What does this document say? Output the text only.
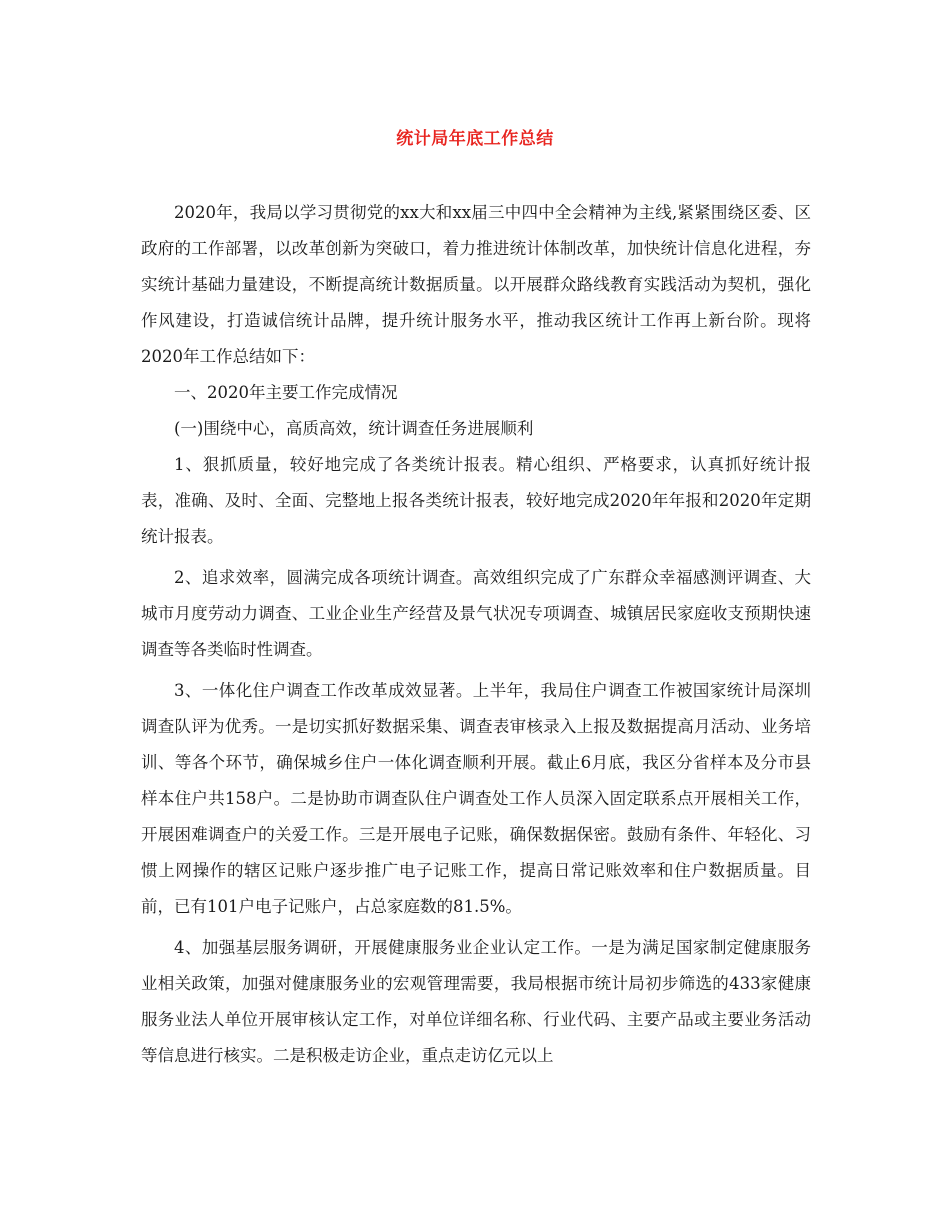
统计局年底工作总结

2020年，我局以学习贯彻党的xx大和xx届三中四中全会精神为主线,紧紧围绕区委、区政府的工作部署，以改革创新为突破口，着力推进统计体制改革，加快统计信息化进程，夯实统计基础力量建设，不断提高统计数据质量。以开展群众路线教育实践活动为契机，强化作风建设，打造诚信统计品牌，提升统计服务水平，推动我区统计工作再上新台阶。现将2020年工作总结如下：

一、2020年主要工作完成情况

(一)围绕中心，高质高效，统计调查任务进展顺利

1、狠抓质量，较好地完成了各类统计报表。精心组织、严格要求，认真抓好统计报表，准确、及时、全面、完整地上报各类统计报表，较好地完成2020年年报和2020年定期统计报表。

2、追求效率，圆满完成各项统计调查。高效组织完成了广东群众幸福感测评调查、大城市月度劳动力调查、工业企业生产经营及景气状况专项调查、城镇居民家庭收支预期快速调查等各类临时性调查。

3、一体化住户调查工作改革成效显著。上半年，我局住户调查工作被国家统计局深圳调查队评为优秀。一是切实抓好数据采集、调查表审核录入上报及数据提高月活动、业务培训、等各个环节，确保城乡住户一体化调查顺利开展。截止6月底，我区分省样本及分市县样本住户共158户。二是协助市调查队住户调查处工作人员深入固定联系点开展相关工作，开展困难调查户的关爱工作。三是开展电子记账，确保数据保密。鼓励有条件、年轻化、习惯上网操作的辖区记账户逐步推广电子记账工作，提高日常记账效率和住户数据质量。目前，已有101户电子记账户，占总家庭数的81.5%。

4、加强基层服务调研，开展健康服务业企业认定工作。一是为满足国家制定健康服务业相关政策，加强对健康服务业的宏观管理需要，我局根据市统计局初步筛选的433家健康服务业法人单位开展审核认定工作，对单位详细名称、行业代码、主要产品或主要业务活动等信息进行核实。二是积极走访企业，重点走访亿元以上
